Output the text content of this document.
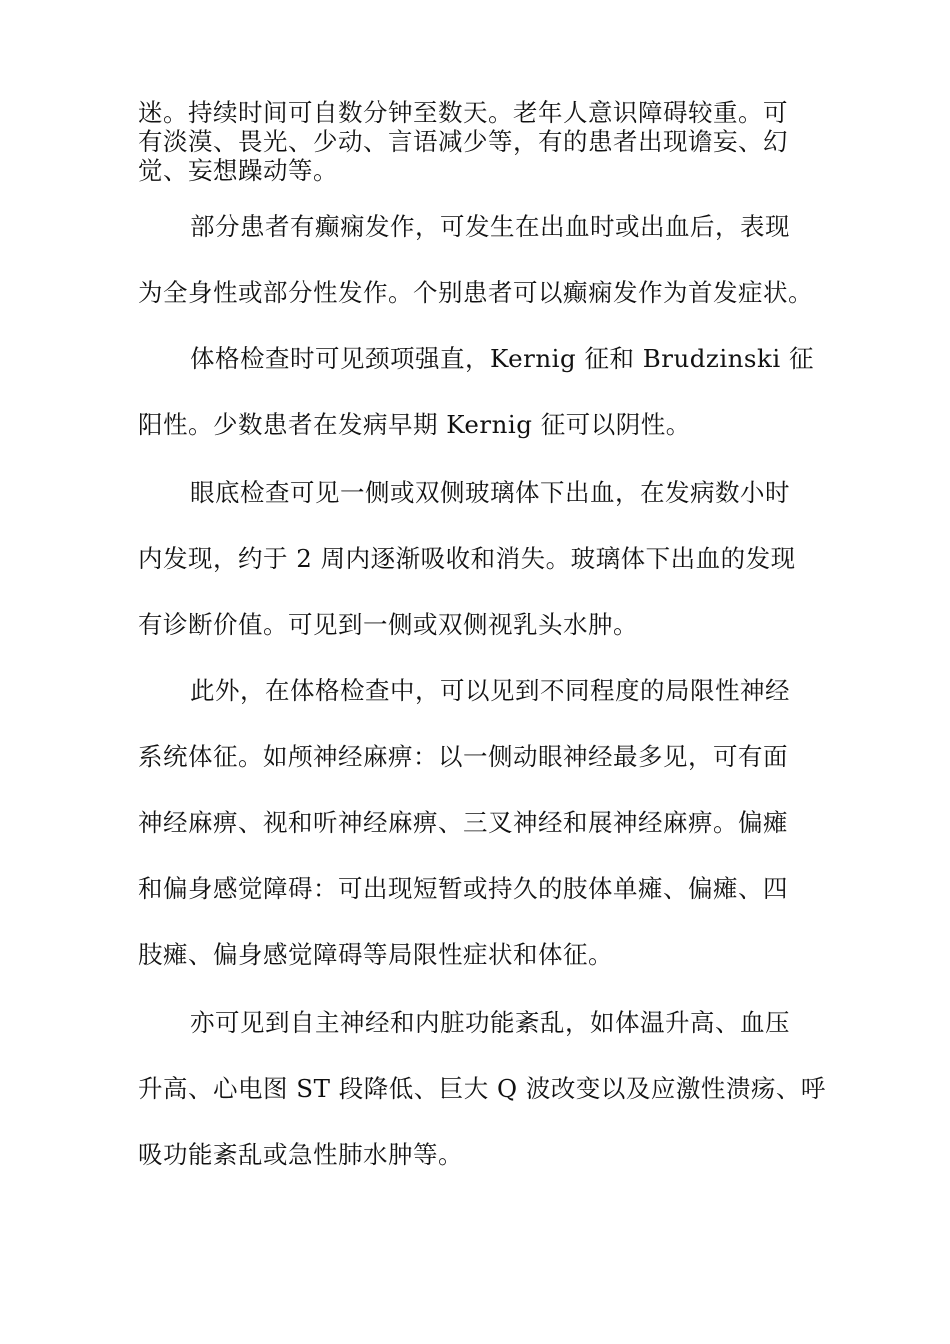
迷。持续时间可自数分钟至数天。老年人意识障碍较重。可
有淡漠、畏光、少动、言语减少等，有的患者出现谵妄、幻
觉、妄想躁动等。
部分患者有癫痫发作，可发生在出血时或出血后，表现
为全身性或部分性发作。个别患者可以癫痫发作为首发症状。
体格检查时可见颈项强直，Kernig 征和 Brudzinski 征
阳性。少数患者在发病早期 Kernig 征可以阴性。
眼底检查可见一侧或双侧玻璃体下出血，在发病数小时
内发现，约于 2 周内逐渐吸收和消失。玻璃体下出血的发现
有诊断价值。可见到一侧或双侧视乳头水肿。
此外，在体格检查中，可以见到不同程度的局限性神经
系统体征。如颅神经麻痹：以一侧动眼神经最多见，可有面
神经麻痹、视和听神经麻痹、三叉神经和展神经麻痹。偏瘫
和偏身感觉障碍：可出现短暂或持久的肢体单瘫、偏瘫、四
肢瘫、偏身感觉障碍等局限性症状和体征。
亦可见到自主神经和内脏功能紊乱，如体温升高、血压
升高、心电图 ST 段降低、巨大 Q 波改变以及应激性溃疡、呼
吸功能紊乱或急性肺水肿等。
